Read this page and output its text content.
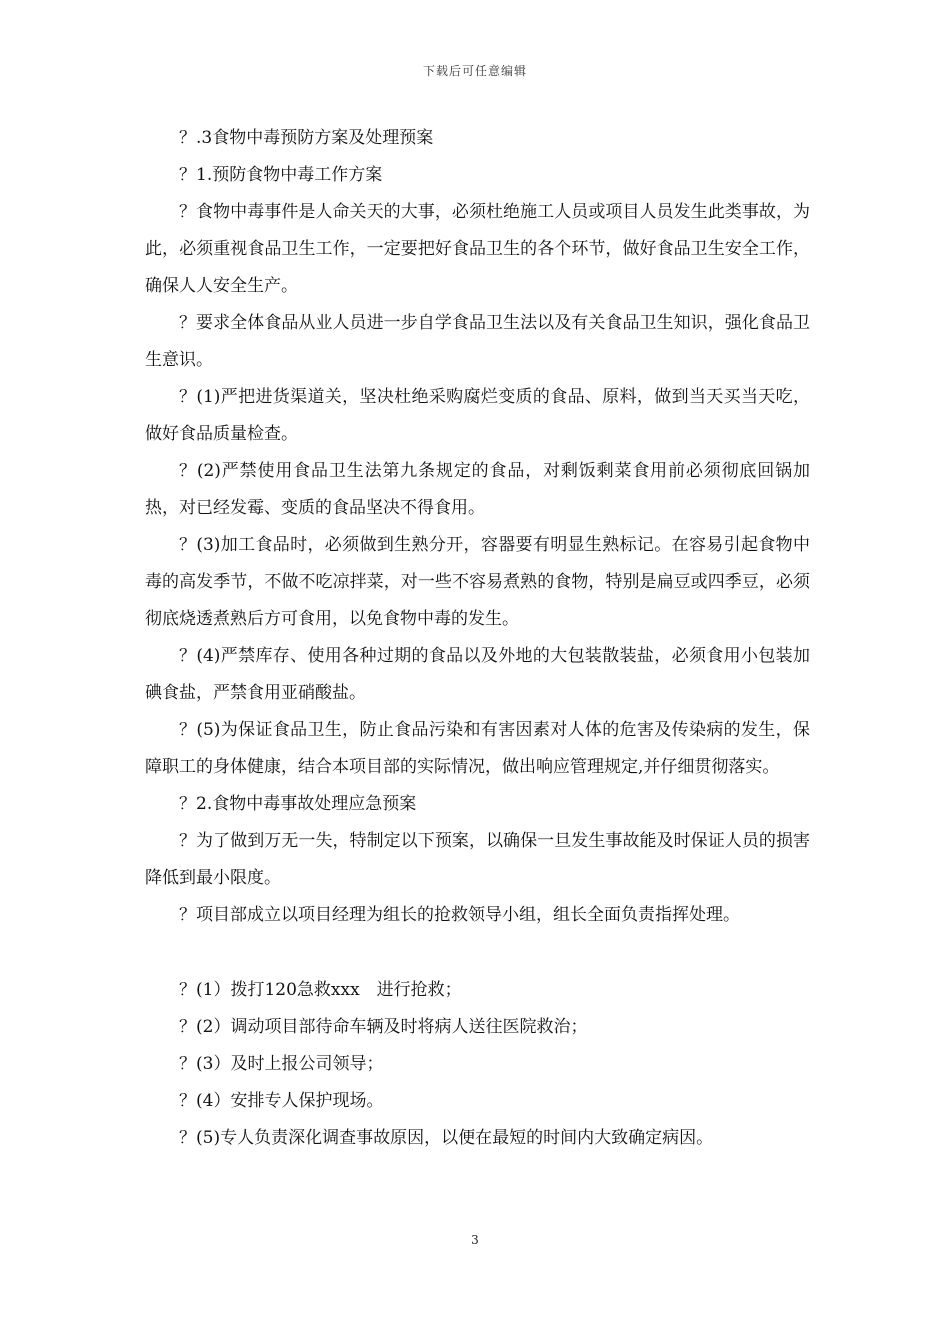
下载后可任意编辑

？.3食物中毒预防方案及处理预案

？1.预防食物中毒工作方案

？食物中毒事件是人命关天的大事，必须杜绝施工人员或项目人员发生此类事故，为此，必须重视食品卫生工作，一定要把好食品卫生的各个环节，做好食品卫生安全工作，确保人人安全生产。

？要求全体食品从业人员进一步自学食品卫生法以及有关食品卫生知识，强化食品卫生意识。

？(1)严把进货渠道关，坚决杜绝采购腐烂变质的食品、原料，做到当天买当天吃，做好食品质量检查。

？(2)严禁使用食品卫生法第九条规定的食品，对剩饭剩菜食用前必须彻底回锅加热，对已经发霉、变质的食品坚决不得食用。

？(3)加工食品时，必须做到生熟分开，容器要有明显生熟标记。在容易引起食物中毒的高发季节，不做不吃凉拌菜，对一些不容易煮熟的食物，特别是扁豆或四季豆，必须彻底烧透煮熟后方可食用，以免食物中毒的发生。

？(4)严禁库存、使用各种过期的食品以及外地的大包装散装盐，必须食用小包装加碘食盐，严禁食用亚硝酸盐。

？(5)为保证食品卫生，防止食品污染和有害因素对人体的危害及传染病的发生，保障职工的身体健康，结合本项目部的实际情况，做出响应管理规定,并仔细贯彻落实。

？2.食物中毒事故处理应急预案

？为了做到万无一失，特制定以下预案，以确保一旦发生事故能及时保证人员的损害降低到最小限度。

？项目部成立以项目经理为组长的抢救领导小组，组长全面负责指挥处理。

？(1）拨打120急救xxx　进行抢救；

？(2）调动项目部待命车辆及时将病人送往医院救治；

？(3）及时上报公司领导；

？(4）安排专人保护现场。

？(5)专人负责深化调查事故原因，以便在最短的时间内大致确定病因。

3
